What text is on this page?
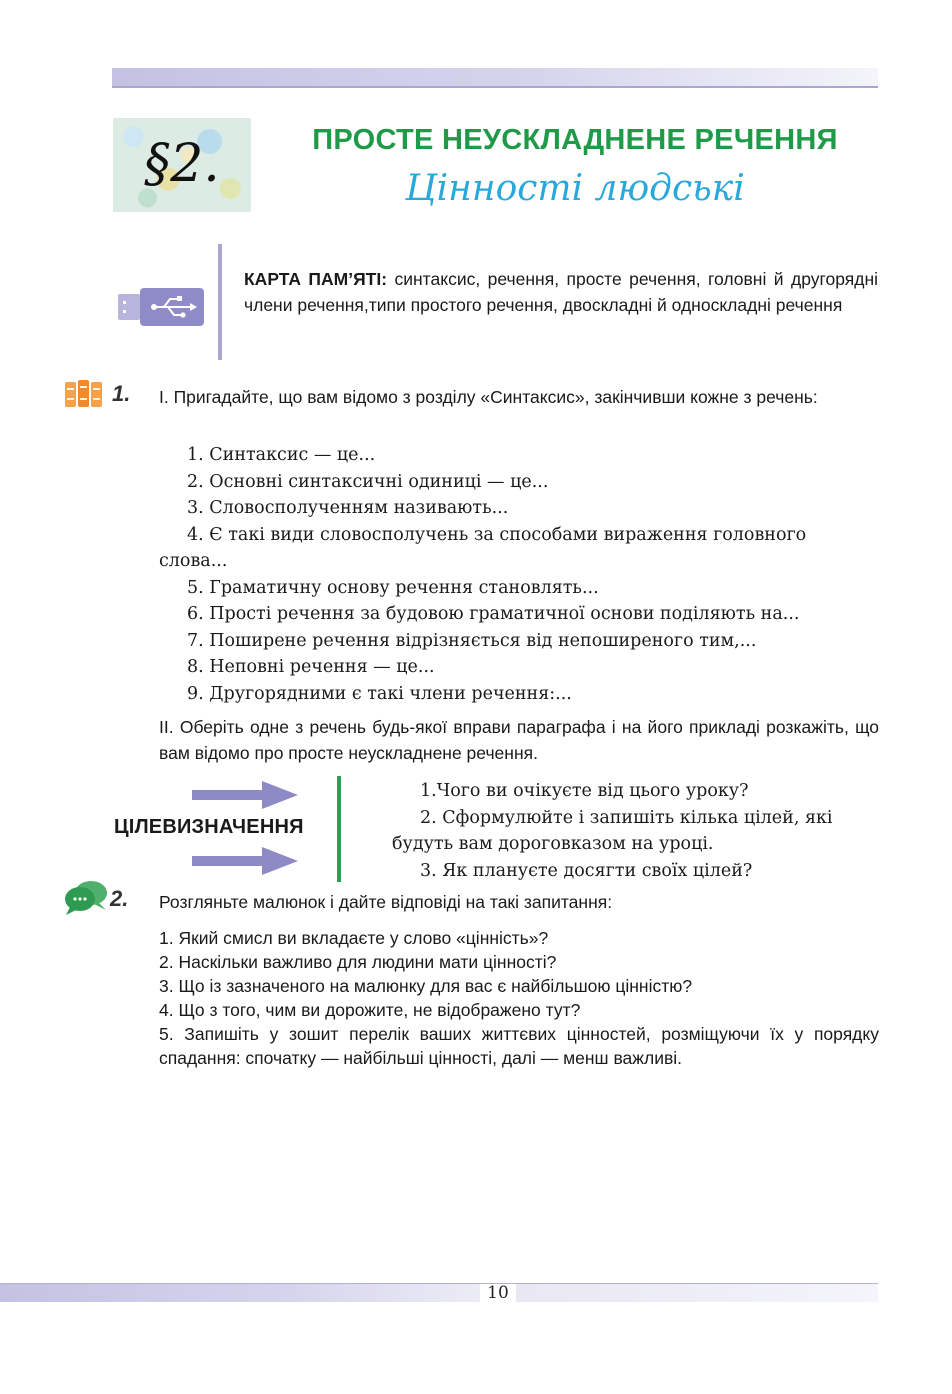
§2.	ПРОСТЕ НЕУСКЛАДНЕНЕ РЕЧЕННЯ
Цінності людські
КАРТА ПАМ’ЯТІ: синтаксис, речення, просте речення, головні й другорядні члени речення,типи простого речення, двоскладні й односкладні речення
1. І. Пригадайте, що вам відомо з розділу «Синтаксис», закінчивши кожне з речень:
1. Синтаксис — це...
2. Основні синтаксичні одиниці — це...
3. Словосполученням називають...
4. Є такі види словосполучень за способами вираження головного слова...
5. Граматичну основу речення становлять...
6. Прості речення за будовою граматичної основи поділяють на...
7. Поширене речення відрізняється від непоширеного тим,...
8. Неповні речення — це...
9. Другорядними є такі члени речення:...
ІІ. Оберіть одне з речень будь-якої вправи параграфа і на його прикладі розкажіть, що вам відомо про просте неускладнене речення.
ЦІЛЕВИЗНАЧЕННЯ
1.Чого ви очікуєте від цього уроку?
2. Сформулюйте і запишіть кілька цілей, які будуть вам дороговказом на уроці.
3. Як плануєте досягти своїх цілей?
2. Розгляньте малюнок і дайте відповіді на такі запитання:
1. Який смисл ви вкладаєте у слово «цінність»?
2. Наскільки важливо для людини мати цінності?
3. Що із зазначеного на малюнку для вас є найбільшою цінністю?
4. Що з того, чим ви дорожите, не відображено тут?
5. Запишіть у зошит перелік ваших життєвих цінностей, розміщуючи їх у порядку спадання: спочатку — найбільші цінності, далі — менш важливі.
10
